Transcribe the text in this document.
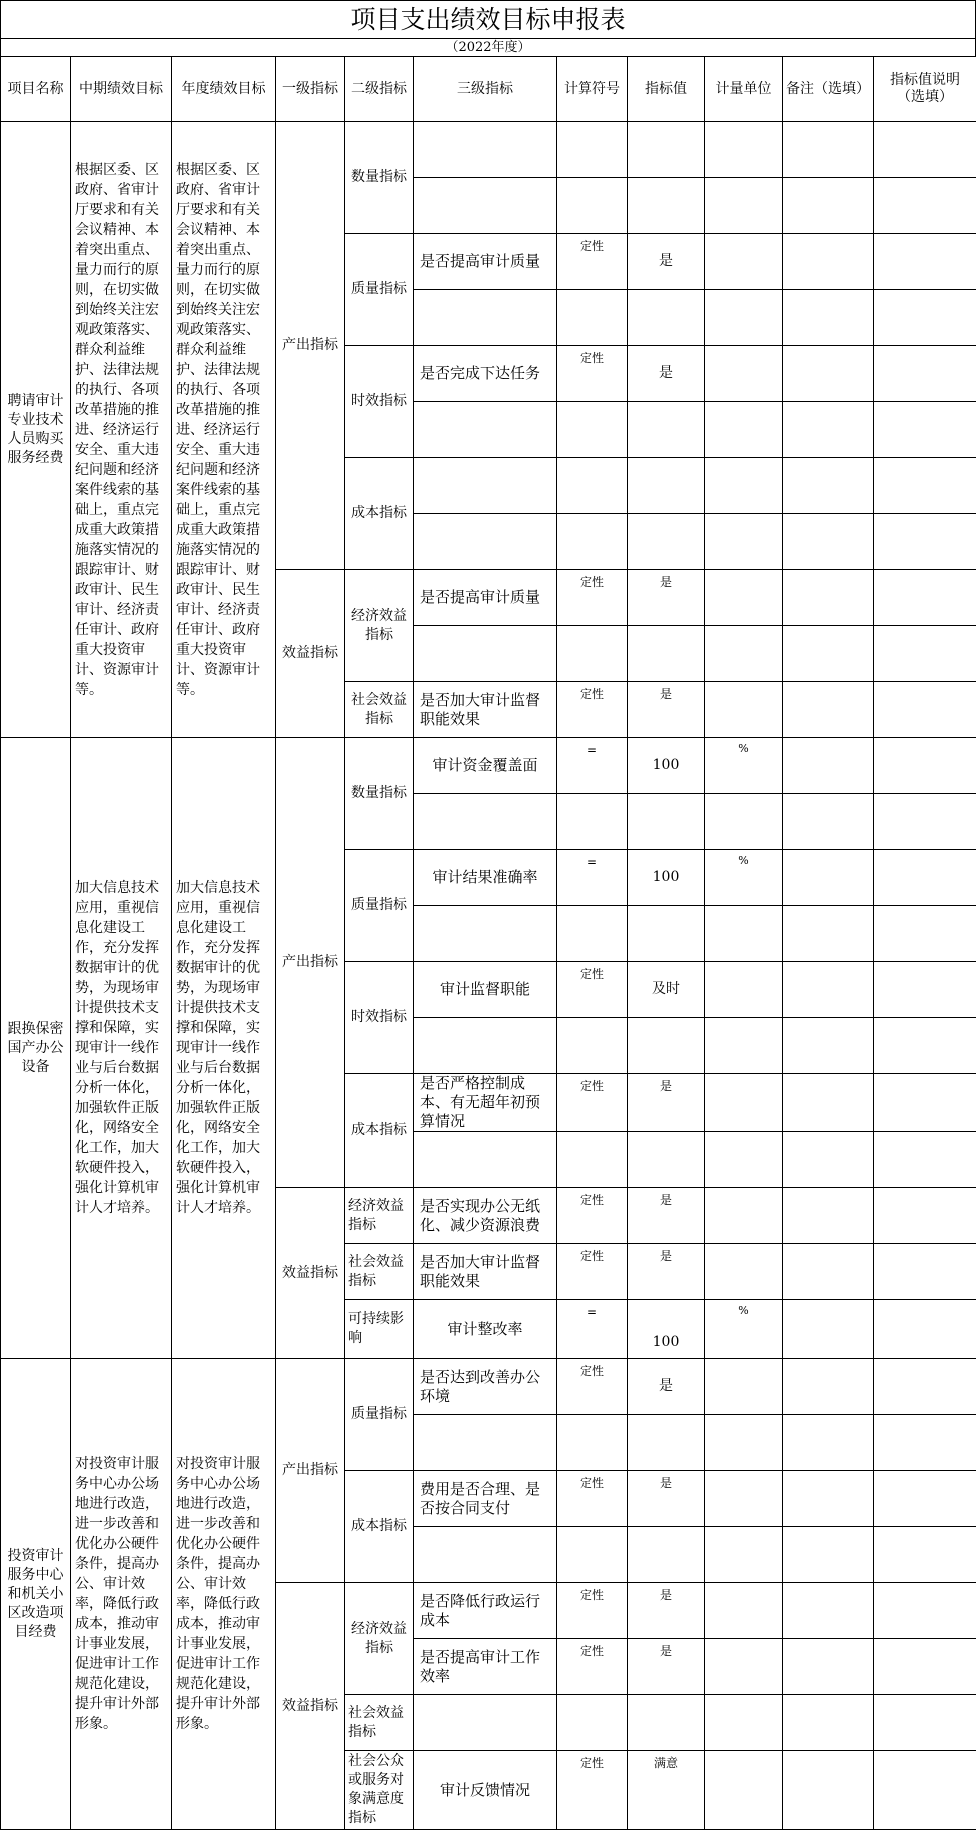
项目支出绩效目标申报表
（2022年度）
项目名称	中期绩效目标	年度绩效目标	一级指标	二级指标	三级指标	计算符号	指标值	计量单位	备注（选填）	指标值说明（选填）
聘请审计专业技术人员购买服务经费	根据区委、区政府、省审计厅要求和有关会议精神、本着突出重点、量力而行的原则，在切实做到始终关注宏观政策落实、群众利益维护、法律法规的执行、各项改革措施的推进、经济运行安全、重大违纪问题和经济案件线索的基础上，重点完成重大政策措施落实情况的跟踪审计、财政审计、民生审计、经济责任审计、政府重大投资审计、资源审计等。	根据区委、区政府、省审计厅要求和有关会议精神、本着突出重点、量力而行的原则，在切实做到始终关注宏观政策落实、群众利益维护、法律法规的执行、各项改革措施的推进、经济运行安全、重大违纪问题和经济案件线索的基础上，重点完成重大政策措施落实情况的跟踪审计、财政审计、民生审计、经济责任审计、政府重大投资审计、资源审计等。	产出指标	数量指标						

				质量指标	是否提高审计质量	定性	是			

				时效指标	是否完成下达任务	定性	是			

				成本指标						

			效益指标	经济效益指标	是否提高审计质量	定性	是			

				社会效益指标	是否加大审计监督职能效果	定性	是			
跟换保密国产办公设备	加大信息技术应用，重视信息化建设工作，充分发挥数据审计的优势，为现场审计提供技术支撑和保障，实现审计一线作业与后台数据分析一体化，加强软件正版化，网络安全化工作，加大软硬件投入，强化计算机审计人才培养。	加大信息技术应用，重视信息化建设工作，充分发挥数据审计的优势，为现场审计提供技术支撑和保障，实现审计一线作业与后台数据分析一体化，加强软件正版化，网络安全化工作，加大软硬件投入，强化计算机审计人才培养。	产出指标	数量指标	审计资金覆盖面	=	100	%		

				质量指标	审计结果准确率	=	100	%		

				时效指标	审计监督职能	定性	及时			

				成本指标	是否严格控制成本、有无超年初预算情况	定性	是			

			效益指标	经济效益指标	是否实现办公无纸化、减少资源浪费	定性	是			
				社会效益指标	是否加大审计监督职能效果	定性	是			
				可持续影响	审计整改率	=	100	%		
投资审计服务中心和机关小区改造项目经费	对投资审计服务中心办公场地进行改造，进一步改善和优化办公硬件条件，提高办公、审计效率，降低行政成本，推动审计事业发展，促进审计工作规范化建设，提升审计外部形象。	对投资审计服务中心办公场地进行改造，进一步改善和优化办公硬件条件，提高办公、审计效率，降低行政成本，推动审计事业发展，促进审计工作规范化建设，提升审计外部形象。	产出指标	质量指标	是否达到改善办公环境	定性	是			

				成本指标	费用是否合理、是否按合同支付	定性	是			

			效益指标	经济效益指标	是否降低行政运行成本	定性	是			
					是否提高审计工作效率	定性	是			
				社会效益指标						
				社会公众或服务对象满意度指标	审计反馈情况	定性	满意			
